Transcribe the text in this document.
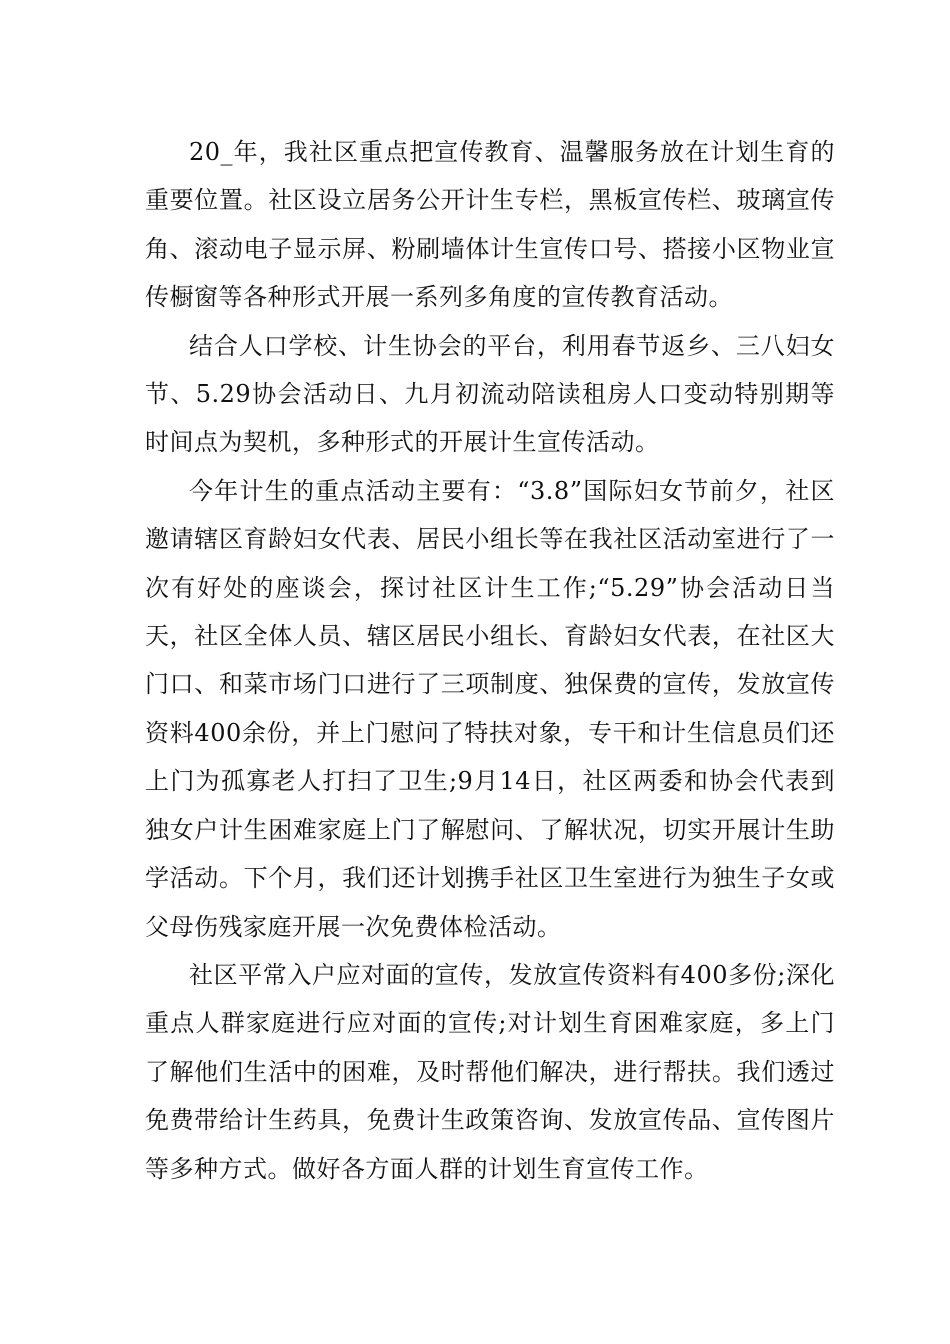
20_年，我社区重点把宣传教育、温馨服务放在计划生育的重要位置。社区设立居务公开计生专栏，黑板宣传栏、玻璃宣传角、滚动电子显示屏、粉刷墙体计生宣传口号、搭接小区物业宣传橱窗等各种形式开展一系列多角度的宣传教育活动。

结合人口学校、计生协会的平台，利用春节返乡、三八妇女节、5.29协会活动日、九月初流动陪读租房人口变动特别期等时间点为契机，多种形式的开展计生宣传活动。

今年计生的重点活动主要有：“3.8”国际妇女节前夕，社区邀请辖区育龄妇女代表、居民小组长等在我社区活动室进行了一次有好处的座谈会，探讨社区计生工作;“5.29”协会活动日当天，社区全体人员、辖区居民小组长、育龄妇女代表，在社区大门口、和菜市场门口进行了三项制度、独保费的宣传，发放宣传资料400余份，并上门慰问了特扶对象，专干和计生信息员们还上门为孤寡老人打扫了卫生;9月14日，社区两委和协会代表到独女户计生困难家庭上门了解慰问、了解状况，切实开展计生助学活动。下个月，我们还计划携手社区卫生室进行为独生子女或父母伤残家庭开展一次免费体检活动。

社区平常入户应对面的宣传，发放宣传资料有400多份;深化重点人群家庭进行应对面的宣传;对计划生育困难家庭，多上门了解他们生活中的困难，及时帮他们解决，进行帮扶。我们透过免费带给计生药具，免费计生政策咨询、发放宣传品、宣传图片等多种方式。做好各方面人群的计划生育宣传工作。
